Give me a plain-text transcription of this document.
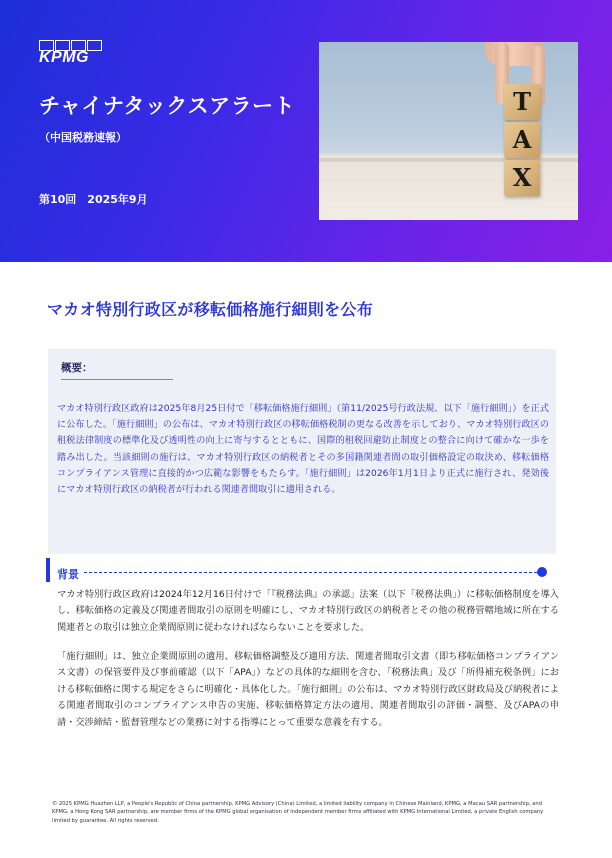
KPMG
チャイナタックスアラート
（中国税務速報）
第10回　2025年9月
T
A
X
マカオ特別行政区が移転価格施行細則を公布
概要：
マカオ特別行政区政府は2025年8月25日付で「移転価格施行細則」（第11/2025号行政法規、以下「施行細則」）を正式に公布した。「施行細則」の公布は、マカオ特別行政区の移転価格税制の更なる改善を示しており、マカオ特別行政区の租税法律制度の標準化及び透明性の向上に寄与するとともに、国際的租税回避防止制度との整合に向けて確かな一歩を踏み出した。当該細則の施行は、マカオ特別行政区の納税者とその多国籍関連者間の取引価格設定の取決め、移転価格コンプライアンス管理に直接的かつ広範な影響をもたらす。「施行細則」は2026年1月1日より正式に施行され、発効後にマカオ特別行政区の納税者が行われる関連者間取引に適用される。
背景
マカオ特別行政区政府は2024年12月16日付けで「『税務法典』の承認」法案（以下「税務法典」）に移転価格制度を導入し、移転価格の定義及び関連者間取引の原則を明確にし、マカオ特別行政区の納税者とその他の税務管轄地域に所在する関連者との取引は独立企業間原則に従わなければならないことを要求した。
「施行細則」は、独立企業間原則の適用、移転価格調整及び適用方法、関連者間取引文書（即ち移転価格コンプライアンス文書）の保管要件及び事前確認（以下「APA」）などの具体的な細則を含む、「税務法典」及び「所得補充税条例」における移転価格に関する規定をさらに明確化・具体化した。「施行細則」の公布は、マカオ特別行政区財政局及び納税者による関連者間取引のコンプライアンス申告の実施、移転価格算定方法の適用、関連者間取引の評価・調整、及びAPAの申請・交渉締結・監督管理などの業務に対する指導にとって重要な意義を有する。
© 2025 KPMG Huazhen LLP, a People's Republic of China partnership, KPMG Advisory (China) Limited, a limited liability company in Chinese Mainland, KPMG, a Macau SAR partnership, and KPMG, a Hong Kong SAR partnership, are member firms of the KPMG global organisation of independent member firms affiliated with KPMG International Limited, a private English company limited by guarantee. All rights reserved.
